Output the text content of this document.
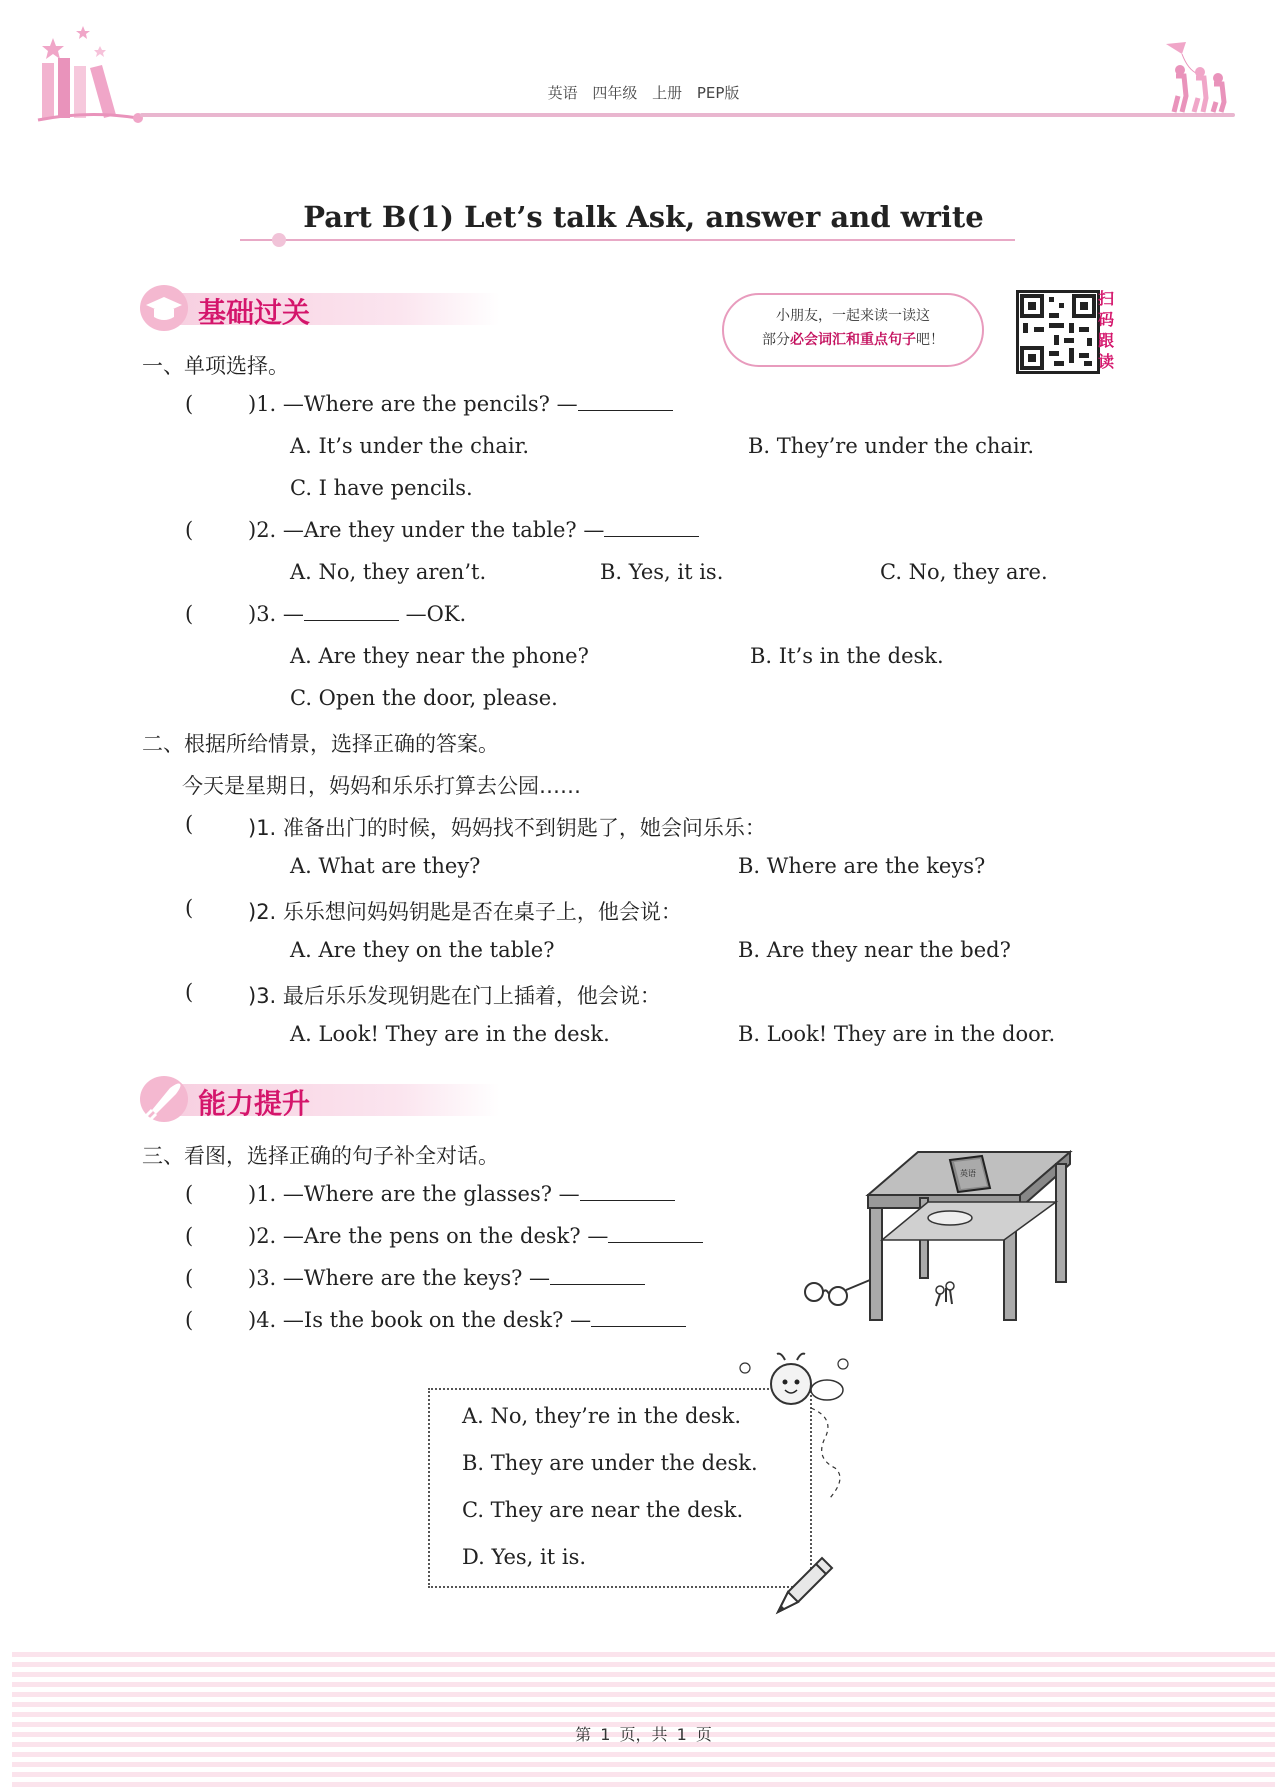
英语 四年级 上册 PEP版
Part B(1) Let’s talk Ask, answer and write
基础过关	小朋友，一起来读一读这
部分必会词汇和重点句子吧！
扫码跟读
一、单项选择。
(	)1. —Where are the pencils? —
A. It’s under the chair.	B. They’re under the chair.
C. I have pencils.
(	)2. —Are they under the table? —
A. No, they aren’t.	B. Yes, it is.	C. No, they are.
(	)3. —	—OK.
A. Are they near the phone?	B. It’s in the desk.
C. Open the door, please.
二、根据所给情景，选择正确的答案。
今天是星期日，妈妈和乐乐打算去公园……
(	)1. 准备出门的时候，妈妈找不到钥匙了，她会问乐乐：
A. What are they?	B. Where are the keys?
(	)2. 乐乐想问妈妈钥匙是否在桌子上，他会说：
A. Are they on the table?	B. Are they near the bed?
(	)3. 最后乐乐发现钥匙在门上插着，他会说：
A. Look! They are in the desk.	B. Look! They are in the door.
能力提升
三、看图，选择正确的句子补全对话。
(	)1. —Where are the glasses? —
(	)2. —Are the pens on the desk? —
(	)3. —Where are the keys? —
(	)4. —Is the book on the desk? —
英语
A. No, they’re in the desk.
B. They are under the desk.
C. They are near the desk.
D. Yes, it is.
第 1 页，共 1 页
